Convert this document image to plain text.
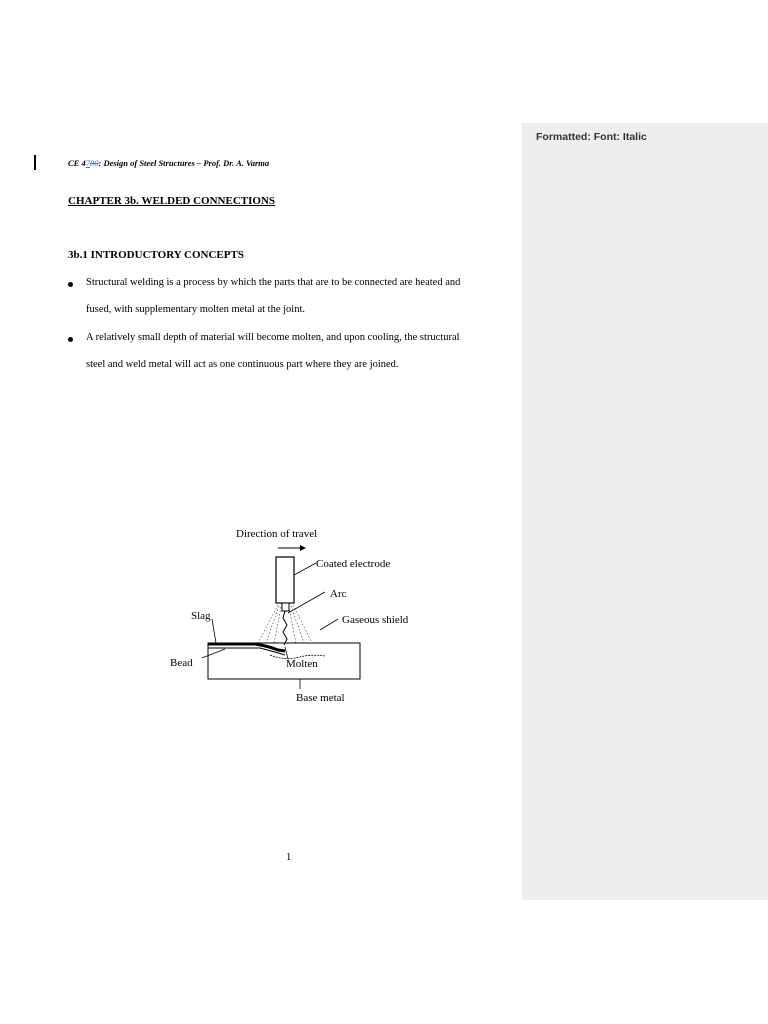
CE 4700: Design of Steel Structures – Prof. Dr. A. Varma
CHAPTER 3b. WELDED CONNECTIONS
3b.1 INTRODUCTORY CONCEPTS
Structural welding is a process by which the parts that are to be connected are heated and
fused, with supplementary molten metal at the joint.
A relatively small depth of material will become molten, and upon cooling, the structural
steel and weld metal will act as one continuous part where they are joined.
Direction of travel
Coated electrode
Arc
Gaseous shield
Slag
Bead	Molten
Base metal
1
Formatted: Font: Italic
